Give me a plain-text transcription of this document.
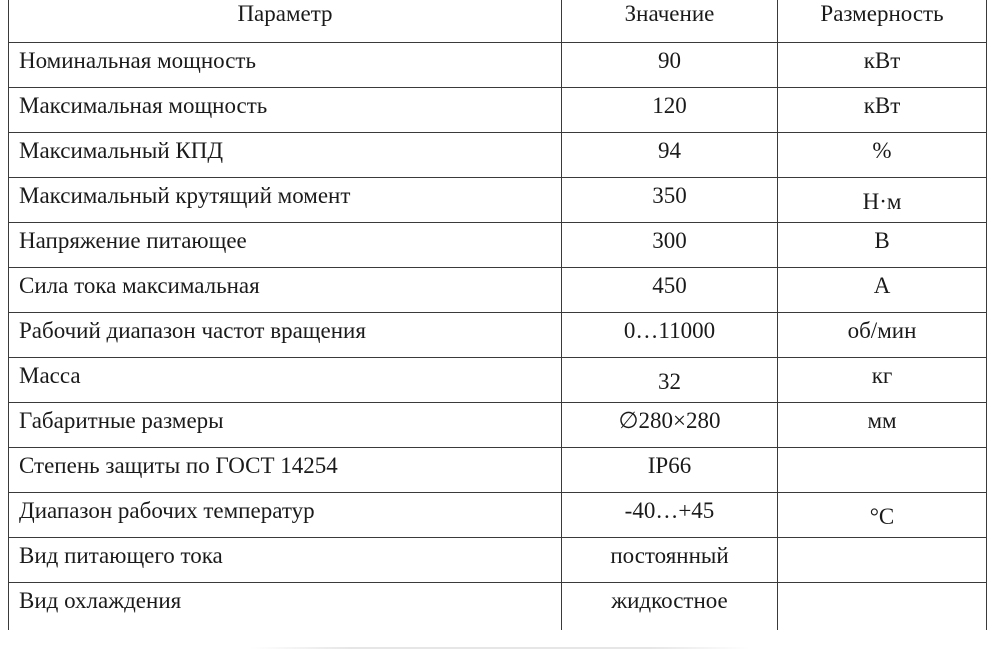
Параметр	Значение	Размерность
Номинальная мощность	90	кВт
Максимальная мощность	120	кВт
Максимальный КПД	94	%
Максимальный крутящий момент	350	Н·м
Напряжение питающее	300	В
Сила тока максимальная	450	А
Рабочий диапазон частот вращения	0…11000	об/мин
Масса	32	кг
Габаритные размеры	∅280×280	мм
Степень защиты по ГОСТ 14254	IP66	
Диапазон рабочих температур	-40…+45	°С
Вид питающего тока	постоянный	
Вид охлаждения	жидкостное	
